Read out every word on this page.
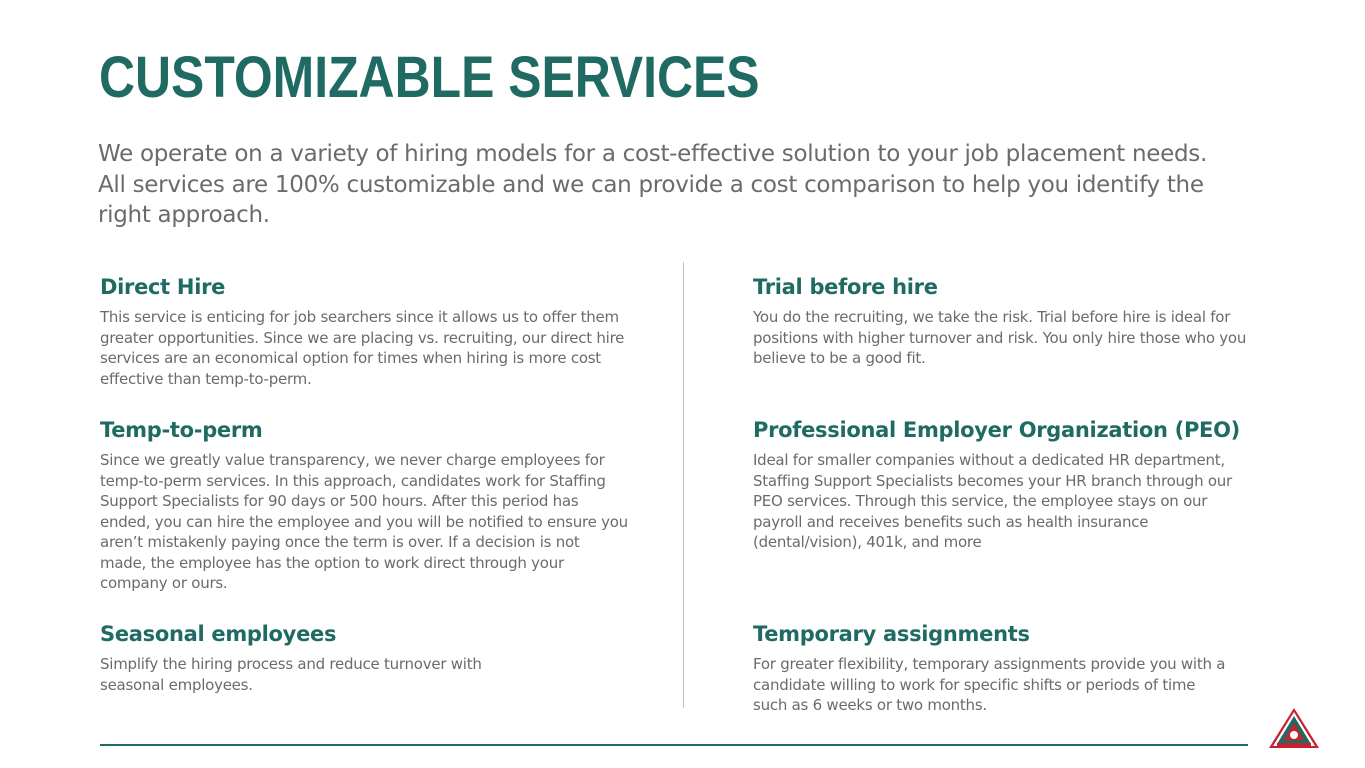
CUSTOMIZABLE SERVICES

We operate on a variety of hiring models for a cost-effective solution to your job placement needs. All services are 100% customizable and we can provide a cost comparison to help you identify the right approach.

Direct Hire

This service is enticing for job searchers since it allows us to offer them greater opportunities. Since we are placing vs. recruiting, our direct hire services are an economical option for times when hiring is more cost effective than temp-to-perm.

Temp-to-perm

Since we greatly value transparency, we never charge employees for temp-to-perm services. In this approach, candidates work for Staffing Support Specialists for 90 days or 500 hours. After this period has ended, you can hire the employee and you will be notified to ensure you aren’t mistakenly paying once the term is over. If a decision is not made, the employee has the option to work direct through your company or ours.

Seasonal employees

Simplify the hiring process and reduce turnover with seasonal employees.

Trial before hire

You do the recruiting, we take the risk. Trial before hire is ideal for positions with higher turnover and risk. You only hire those who you believe to be a good fit.

Professional Employer Organization (PEO)

Ideal for smaller companies without a dedicated HR department, Staffing Support Specialists becomes your HR branch through our PEO services. Through this service, the employee stays on our payroll and receives benefits such as health insurance (dental/vision), 401k, and more

Temporary assignments

For greater flexibility, temporary assignments provide you with a candidate willing to work for specific shifts or periods of time such as 6 weeks or two months.
